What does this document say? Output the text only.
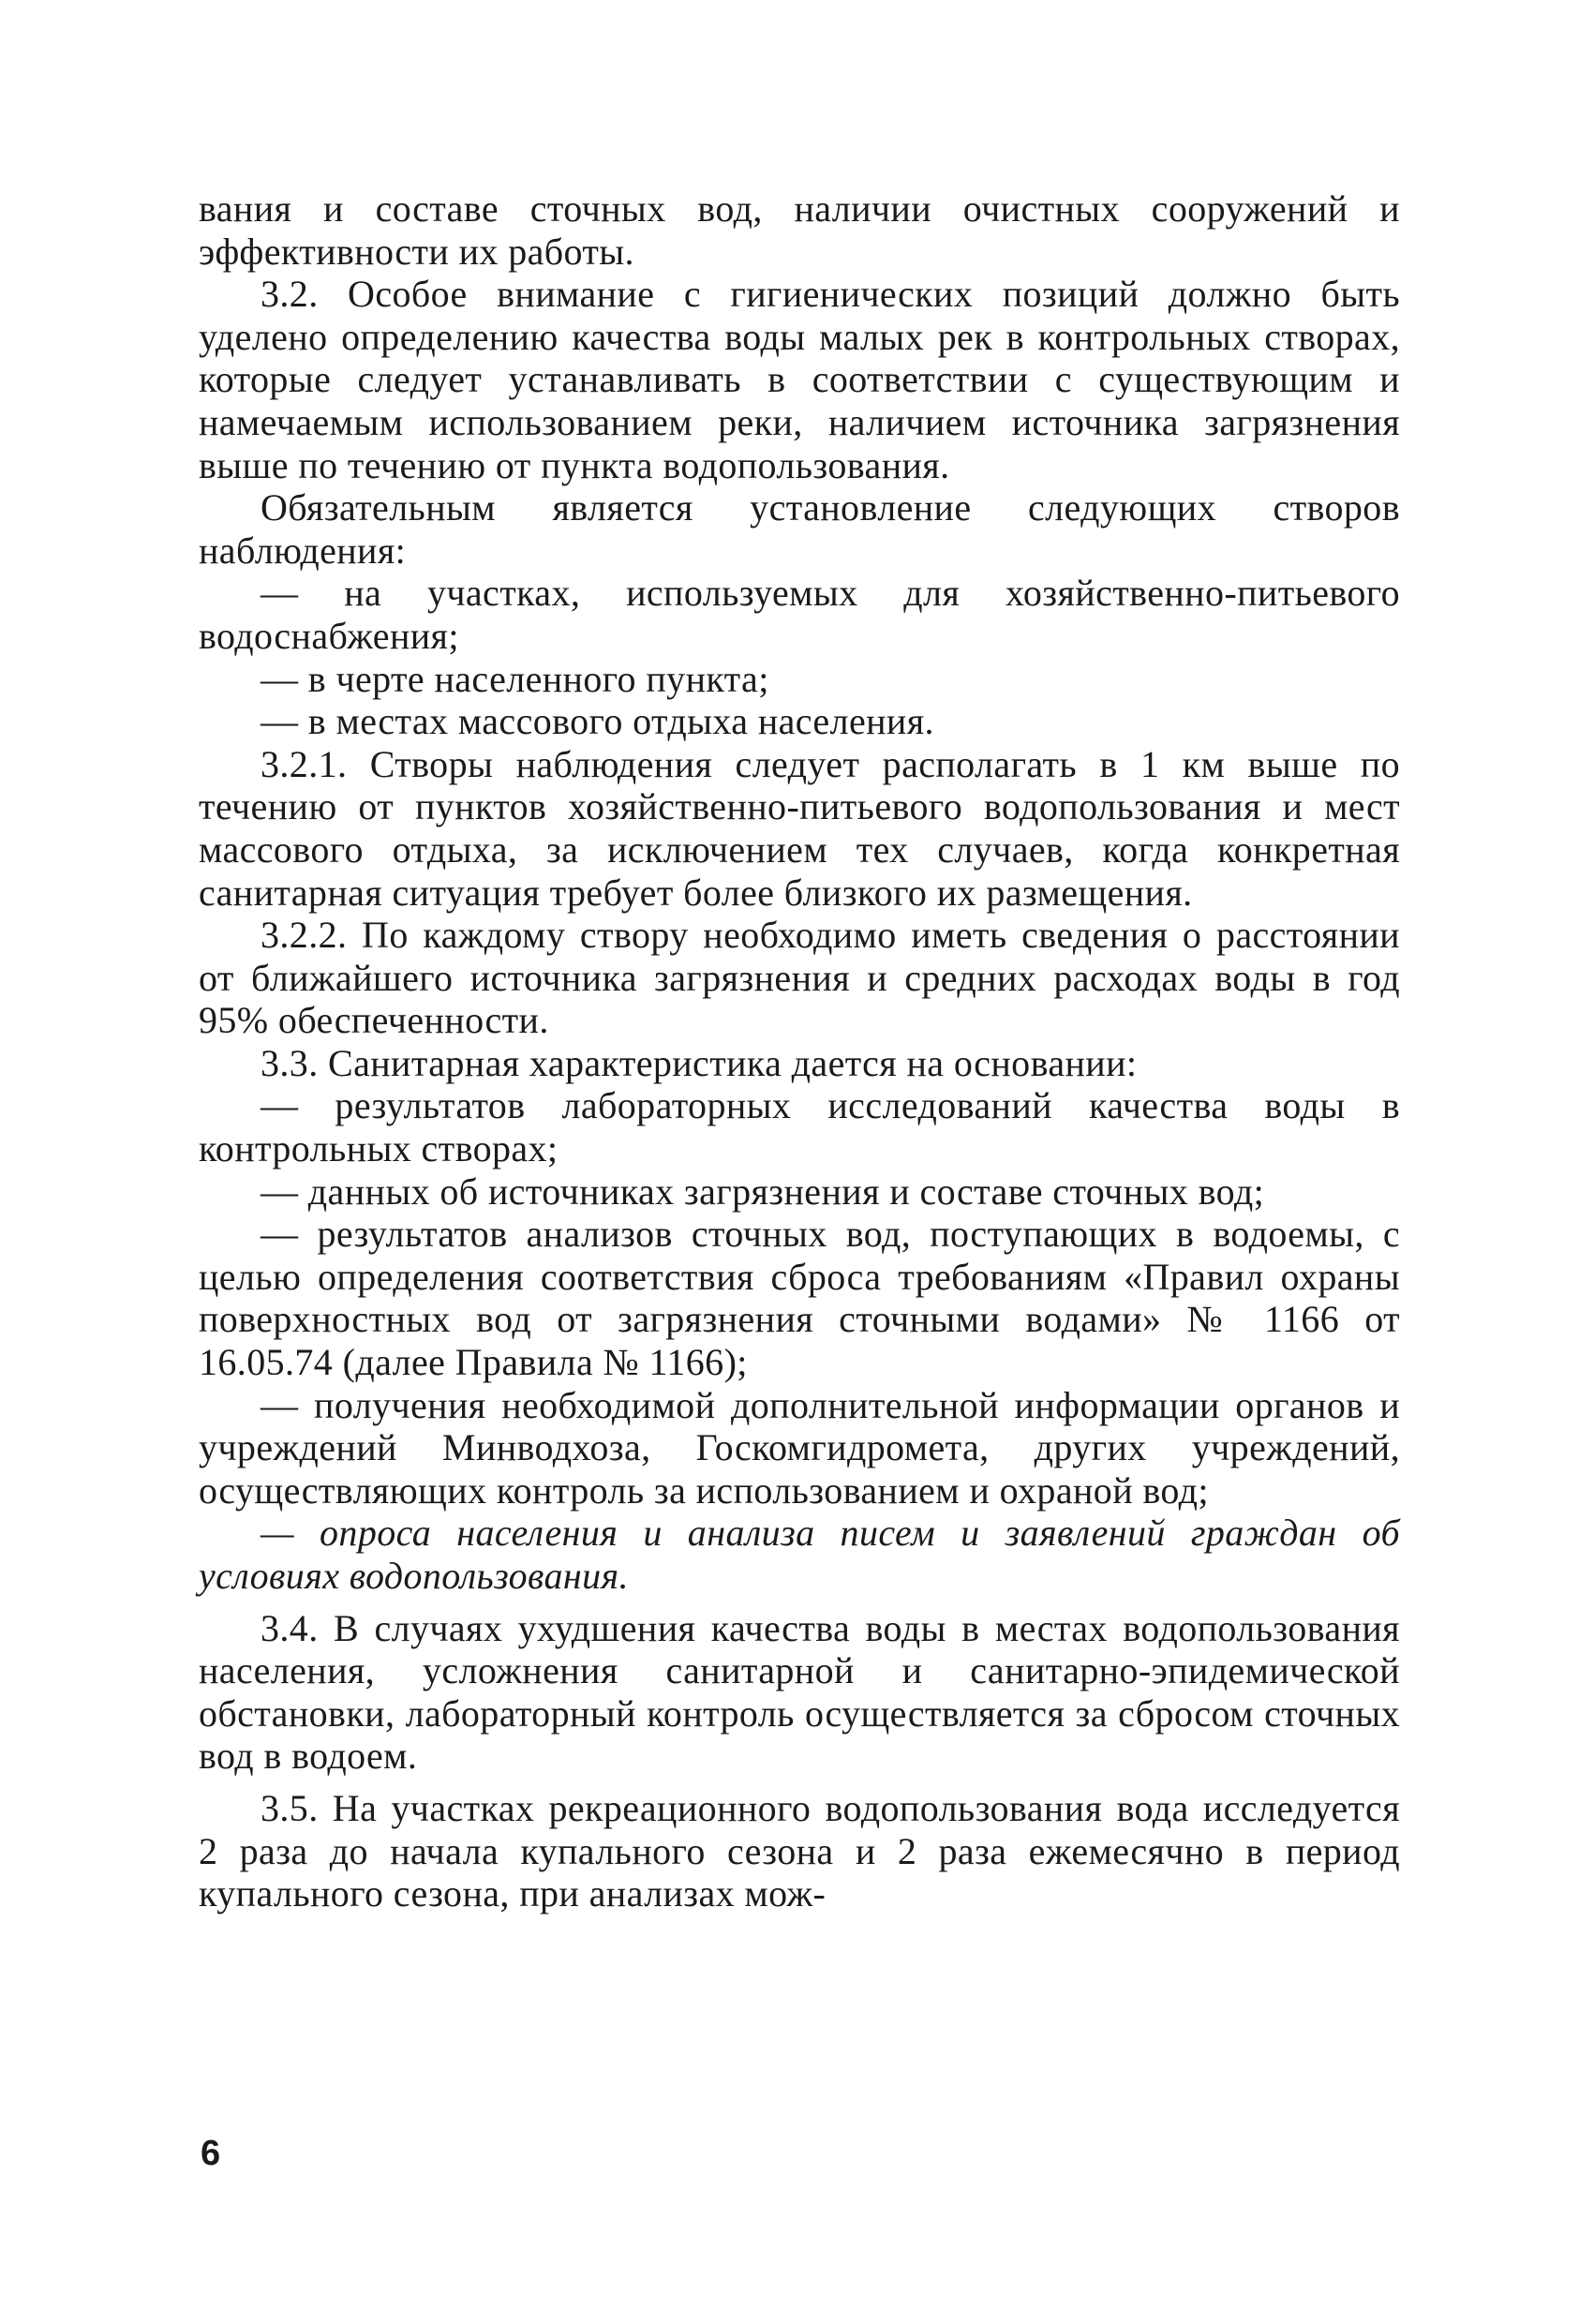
вания и составе сточных вод, наличии очистных сооружений и эффективности их работы.

3.2. Особое внимание с гигиенических позиций должно быть уделено определению качества воды малых рек в контрольных створах, которые следует устанавливать в соответствии с существующим и намечаемым использованием реки, наличием источника загрязнения выше по течению от пункта водопользования.

Обязательным является установление следующих створов наблюдения:

— на участках, используемых для хозяйственно-питьевого водоснабжения;

— в черте населенного пункта;

— в местах массового отдыха населения.

3.2.1. Створы наблюдения следует располагать в 1 км выше по течению от пунктов хозяйственно-питьевого водопользования и мест массового отдыха, за исключением тех случаев, когда конкретная санитарная ситуация требует более близкого их размещения.

3.2.2. По каждому створу необходимо иметь сведения о расстоянии от ближайшего источника загрязнения и средних расходах воды в год 95% обеспеченности.

3.3. Санитарная характеристика дается на основании:

— результатов лабораторных исследований качества воды в контрольных створах;

— данных об источниках загрязнения и составе сточных вод;

— результатов анализов сточных вод, поступающих в водоемы, с целью определения соответствия сброса требованиям «Правил охраны поверхностных вод от загрязнения сточными водами» № 1166 от 16.05.74 (далее Правила № 1166);

— получения необходимой дополнительной информации органов и учреждений Минводхоза, Госкомгидромета, других учреждений, осуществляющих контроль за использованием и охраной вод;

— опроса населения и анализа писем и заявлений граждан об условиях водопользования.

3.4. В случаях ухудшения качества воды в местах водопользования населения, усложнения санитарной и санитарно-эпидемической обстановки, лабораторный контроль осуществляется за сбросом сточных вод в водоем.

3.5. На участках рекреационного водопользования вода исследуется 2 раза до начала купального сезона и 2 раза ежемесячно в период купального сезона, при анализах мож-

6
